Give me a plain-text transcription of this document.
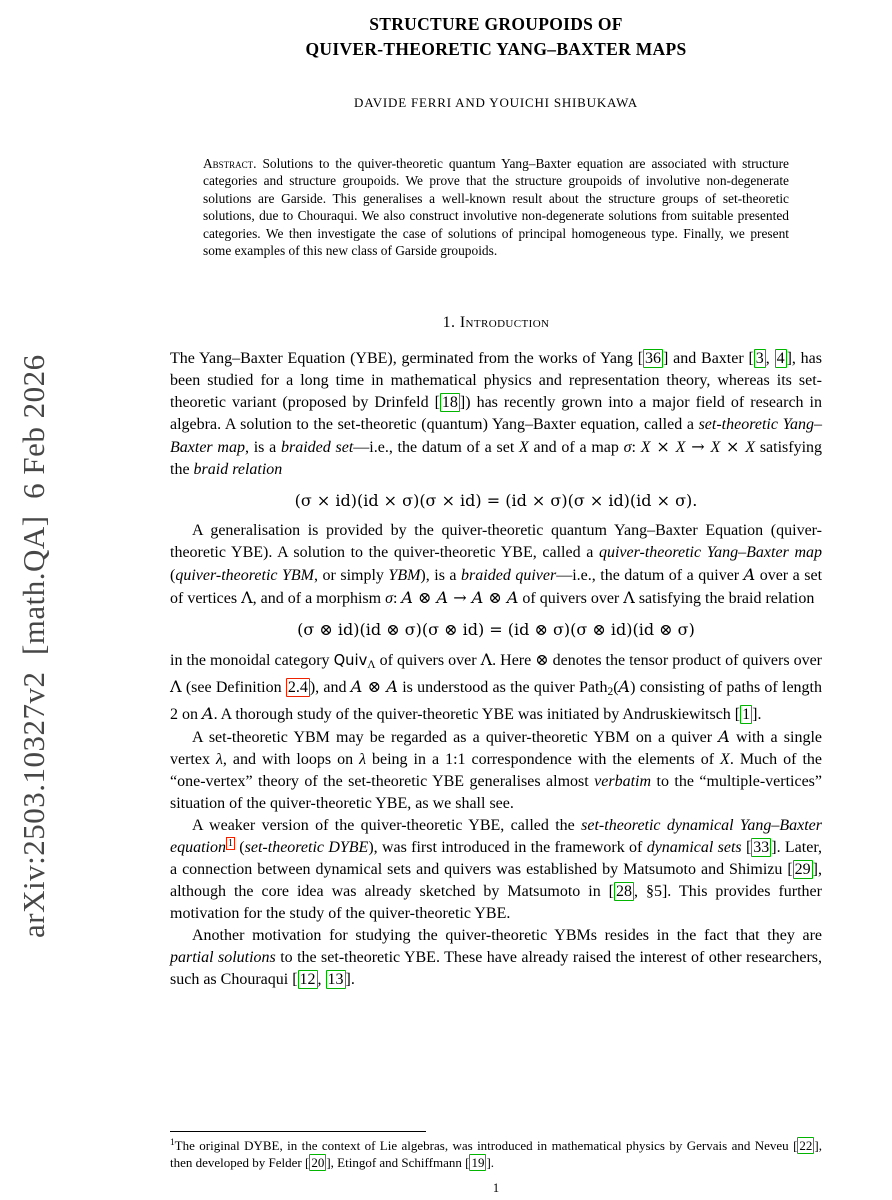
arXiv:2503.10327v2  [math.QA]  6 Feb 2026
STRUCTURE GROUPOIDS OF
QUIVER-THEORETIC YANG–BAXTER MAPS
DAVIDE FERRI AND YOUICHI SHIBUKAWA
Abstract. Solutions to the quiver-theoretic quantum Yang–Baxter equation are associated with structure categories and structure groupoids. We prove that the structure groupoids of involutive non-degenerate solutions are Garside. This generalises a well-known result about the structure groups of set-theoretic solutions, due to Chouraqui. We also construct involutive non-degenerate solutions from suitable presented categories. We then investigate the case of solutions of principal homogeneous type. Finally, we present some examples of this new class of Garside groupoids.
1. Introduction

The Yang–Baxter Equation (YBE), germinated from the works of Yang [ 36 ] and Baxter [ 3 , 4 ], has been studied for a long time in mathematical physics and representation theory, whereas its set-theoretic variant (proposed by Drinfeld [ 18 ]) has recently grown into a major field of research in algebra. A solution to the set-theoretic (quantum) Yang–Baxter equation, called a set-theoretic Yang–Baxter map, is a braided set—i.e., the datum of a set X and of a map σ: X × X → X × X satisfying the braid relation

(σ × id)(id × σ)(σ × id) = (id × σ)(σ × id)(id × σ).

A generalisation is provided by the quiver-theoretic quantum Yang–Baxter Equation (quiver-theoretic YBE). A solution to the quiver-theoretic YBE, called a quiver-theoretic Yang–Baxter map (quiver-theoretic YBM, or simply YBM), is a braided quiver—i.e., the datum of a quiver A over a set of vertices Λ, and of a morphism σ: A ⊗ A → A ⊗ A of quivers over Λ satisfying the braid relation

(σ ⊗ id)(id ⊗ σ)(σ ⊗ id) = (id ⊗ σ)(σ ⊗ id)(id ⊗ σ)

in the monoidal category QuivΛ of quivers over Λ. Here ⊗ denotes the tensor product of quivers over Λ (see Definition 2.4 ), and A ⊗ A is understood as the quiver Path2(A) consisting of paths of length 2 on A. A thorough study of the quiver-theoretic YBE was initiated by Andruskiewitsch [ 1 ].

A set-theoretic YBM may be regarded as a quiver-theoretic YBM on a quiver A with a single vertex λ, and with loops on λ being in a 1:1 correspondence with the elements of X. Much of the “one-vertex” theory of the set-theoretic YBE generalises almost verbatim to the “multiple-vertices” situation of the quiver-theoretic YBE, as we shall see.

A weaker version of the quiver-theoretic YBE, called the set-theoretic dynamical Yang–Baxter equation $^1$ (set-theoretic DYBE), was first introduced in the framework of dynamical sets [ 33 ]. Later, a connection between dynamical sets and quivers was established by Matsumoto and Shimizu [ 29 ], although the core idea was already sketched by Matsumoto in [ 28 , §5]. This provides further motivation for the study of the quiver-theoretic YBE.

Another motivation for studying the quiver-theoretic YBMs resides in the fact that they are partial solutions to the set-theoretic YBE. These have already raised the interest of other researchers, such as Chouraqui [ 12 , 13 ].

$^1$The original DYBE, in the context of Lie algebras, was introduced in mathematical physics by Gervais and Neveu [ 22 ], then developed by Felder [ 20 ], Etingof and Schiffmann [ 19 ].
1
